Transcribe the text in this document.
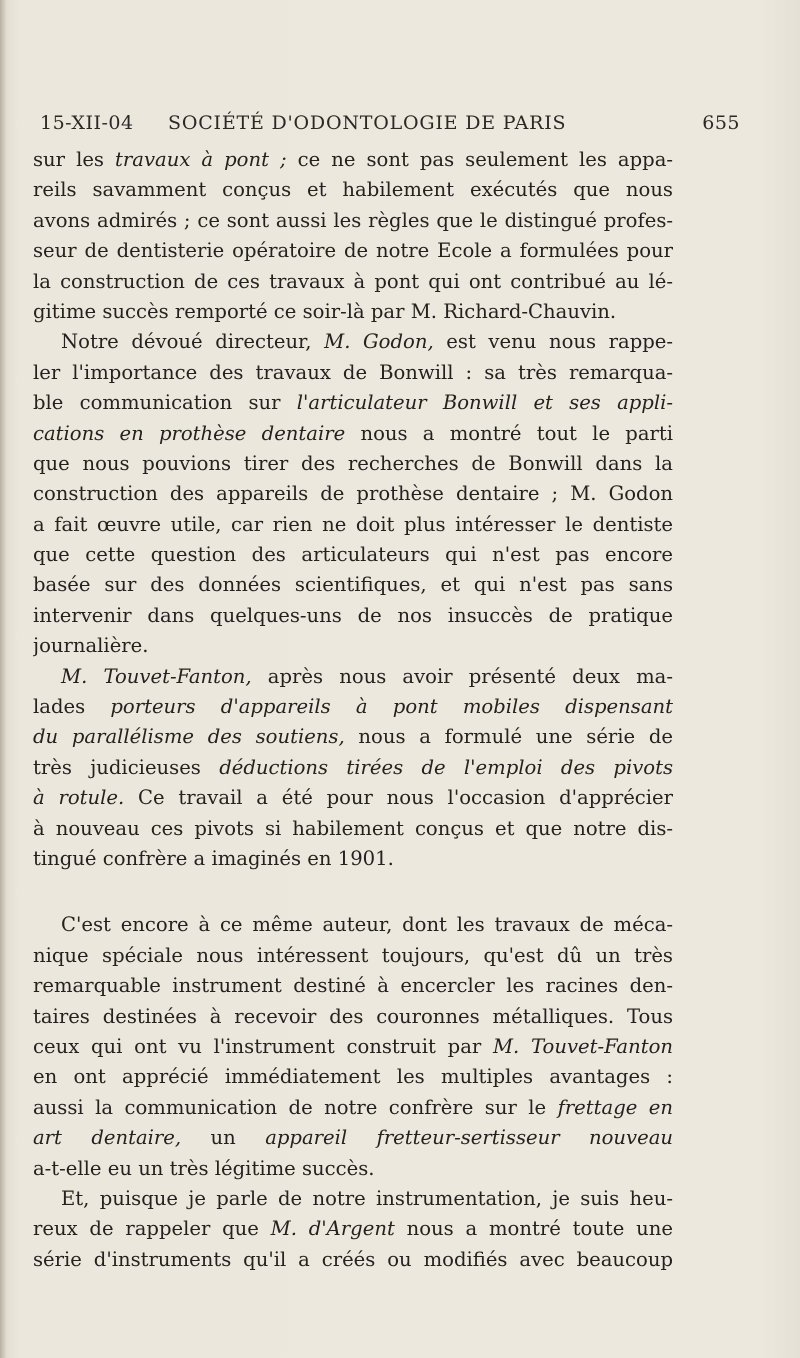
15-XII-04 SOCIÉTÉ D'ODONTOLOGIE DE PARIS	655
sur les travaux à pont ; ce ne sont pas seulement les appa-
reils savamment conçus et habilement exécutés que nous
avons admirés ; ce sont aussi les règles que le distingué profes-
seur de dentisterie opératoire de notre Ecole a formulées pour
la construction de ces travaux à pont qui ont contribué au lé-
gitime succès remporté ce soir-là par M. Richard-Chauvin.
Notre dévoué directeur, M. Godon, est venu nous rappe-
ler l'importance des travaux de Bonwill : sa très remarqua-
ble communication sur l'articulateur Bonwill et ses appli-
cations en prothèse dentaire nous a montré tout le parti
que nous pouvions tirer des recherches de Bonwill dans la
construction des appareils de prothèse dentaire ; M. Godon
a fait œuvre utile, car rien ne doit plus intéresser le dentiste
que cette question des articulateurs qui n'est pas encore
basée sur des données scientifiques, et qui n'est pas sans
intervenir dans quelques-uns de nos insuccès de pratique
journalière.
M. Touvet-Fanton, après nous avoir présenté deux ma-
lades porteurs d'appareils à pont mobiles dispensant
du parallélisme des soutiens, nous a formulé une série de
très judicieuses déductions tirées de l'emploi des pivots
à rotule. Ce travail a été pour nous l'occasion d'apprécier
à nouveau ces pivots si habilement conçus et que notre dis-
tingué confrère a imaginés en 1901.
C'est encore à ce même auteur, dont les travaux de méca-
nique spéciale nous intéressent toujours, qu'est dû un très
remarquable instrument destiné à encercler les racines den-
taires destinées à recevoir des couronnes métalliques. Tous
ceux qui ont vu l'instrument construit par M. Touvet-Fanton
en ont apprécié immédiatement les multiples avantages :
aussi la communication de notre confrère sur le frettage en
art dentaire, un appareil fretteur-sertisseur nouveau
a-t-elle eu un très légitime succès.
Et, puisque je parle de notre instrumentation, je suis heu-
reux de rappeler que M. d'Argent nous a montré toute une
série d'instruments qu'il a créés ou modifiés avec beaucoup
